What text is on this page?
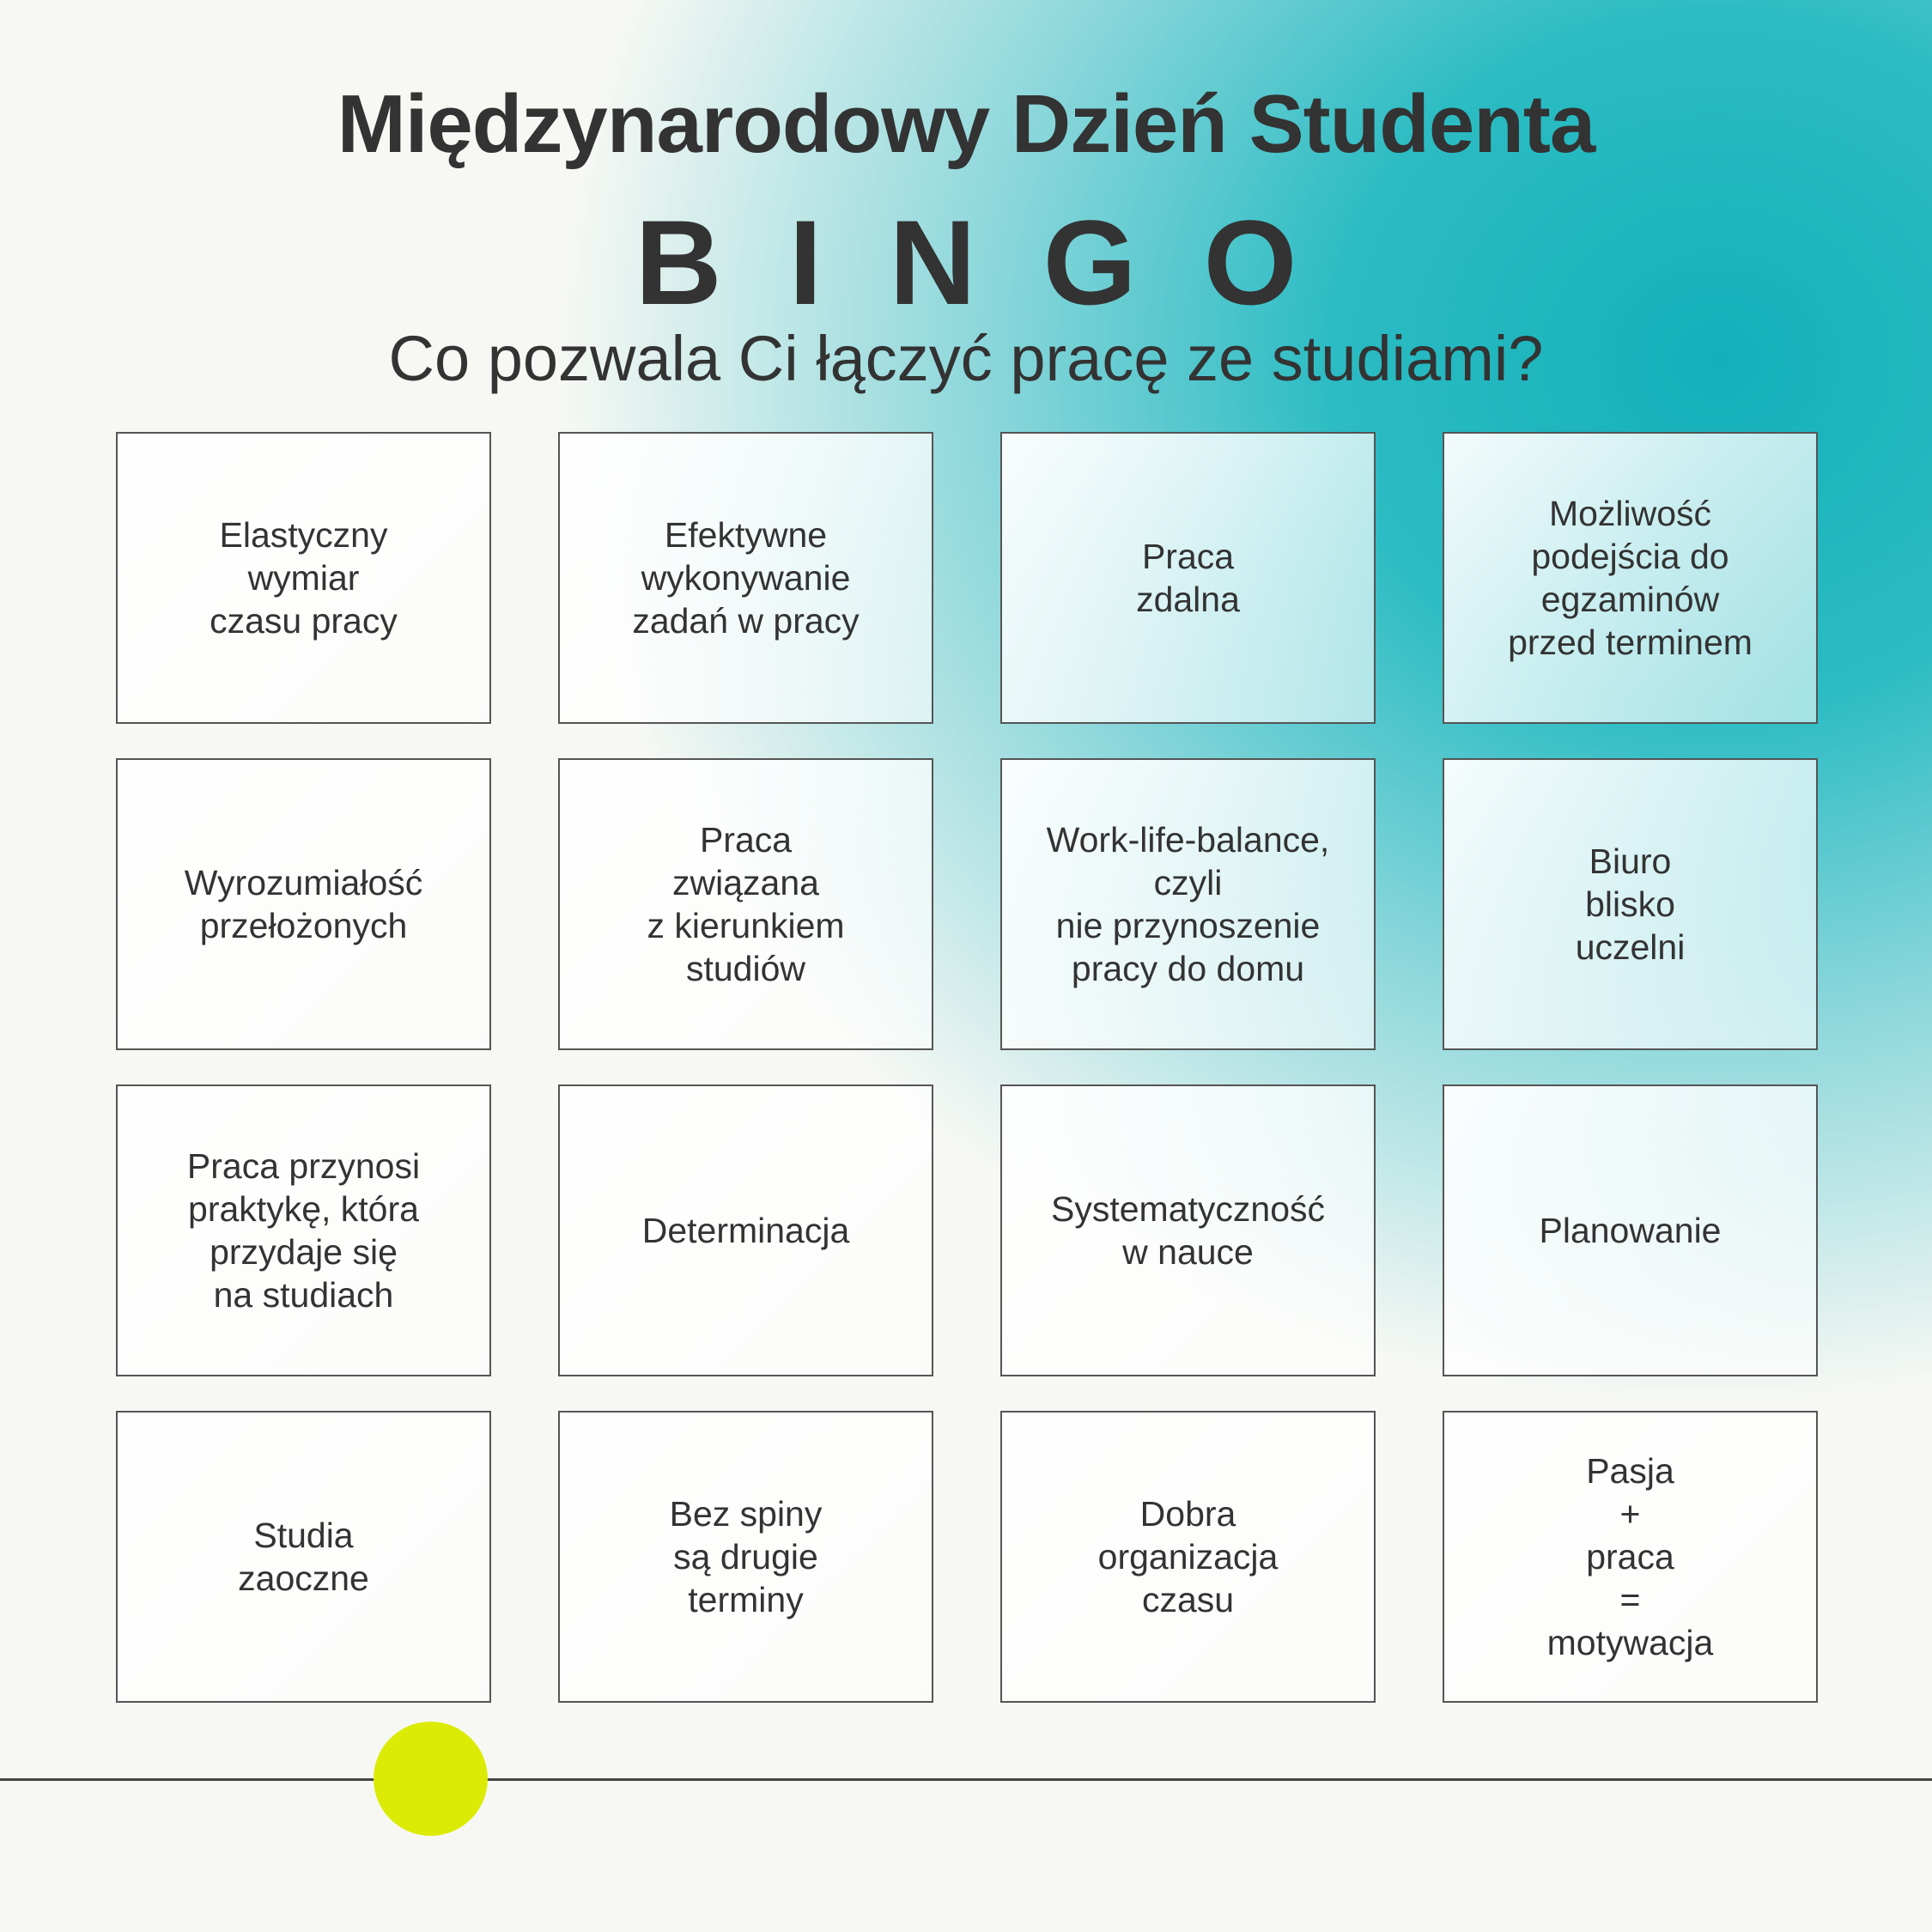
Międzynarodowy Dzień Studenta
BINGO
Co pozwala Ci łączyć pracę ze studiami?
Elastyczny
wymiar
czasu pracy
Efektywne
wykonywanie
zadań w pracy
Praca
zdalna
Możliwość
podejścia do
egzaminów
przed terminem
Wyrozumiałość
przełożonych
Praca
związana
z kierunkiem
studiów
Work-life-balance,
czyli
nie przynoszenie
pracy do domu
Biuro
blisko
uczelni
Praca przynosi
praktykę, która
przydaje się
na studiach
Determinacja
Systematyczność
w nauce
Planowanie
Studia
zaoczne
Bez spiny
są drugie
terminy
Dobra
organizacja
czasu
Pasja
+
praca
=
motywacja
